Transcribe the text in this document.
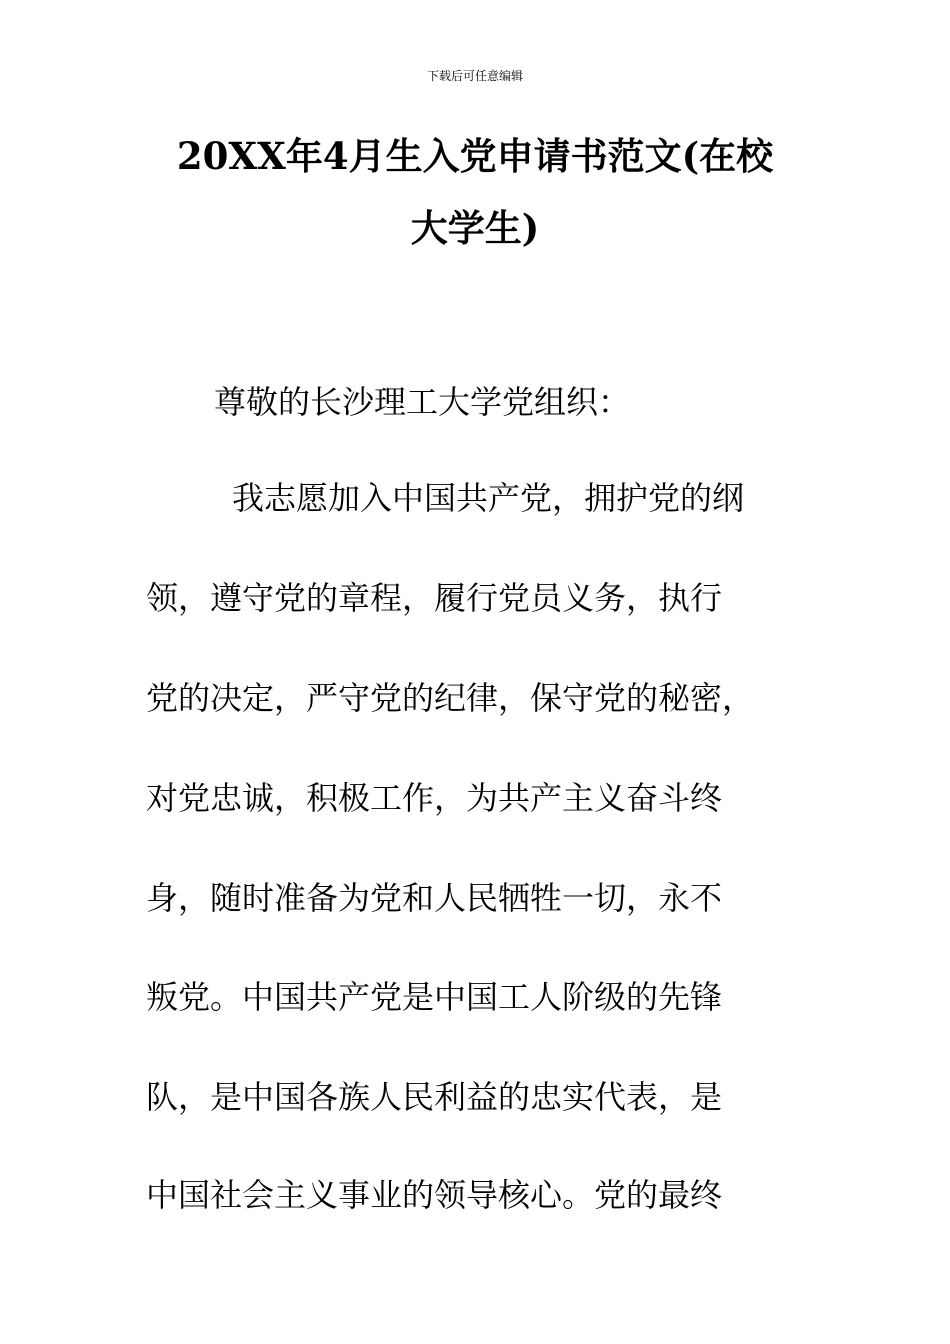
下载后可任意编辑
20XX年4月生入党申请书范文(在校
大学生)
尊敬的长沙理工大学党组织：
我志愿加入中国共产党，拥护党的纲
领，遵守党的章程，履行党员义务，执行
党的决定，严守党的纪律，保守党的秘密，
对党忠诚，积极工作，为共产主义奋斗终
身，随时准备为党和人民牺牲一切，永不
叛党。中国共产党是中国工人阶级的先锋
队，是中国各族人民利益的忠实代表，是
中国社会主义事业的领导核心。党的最终
